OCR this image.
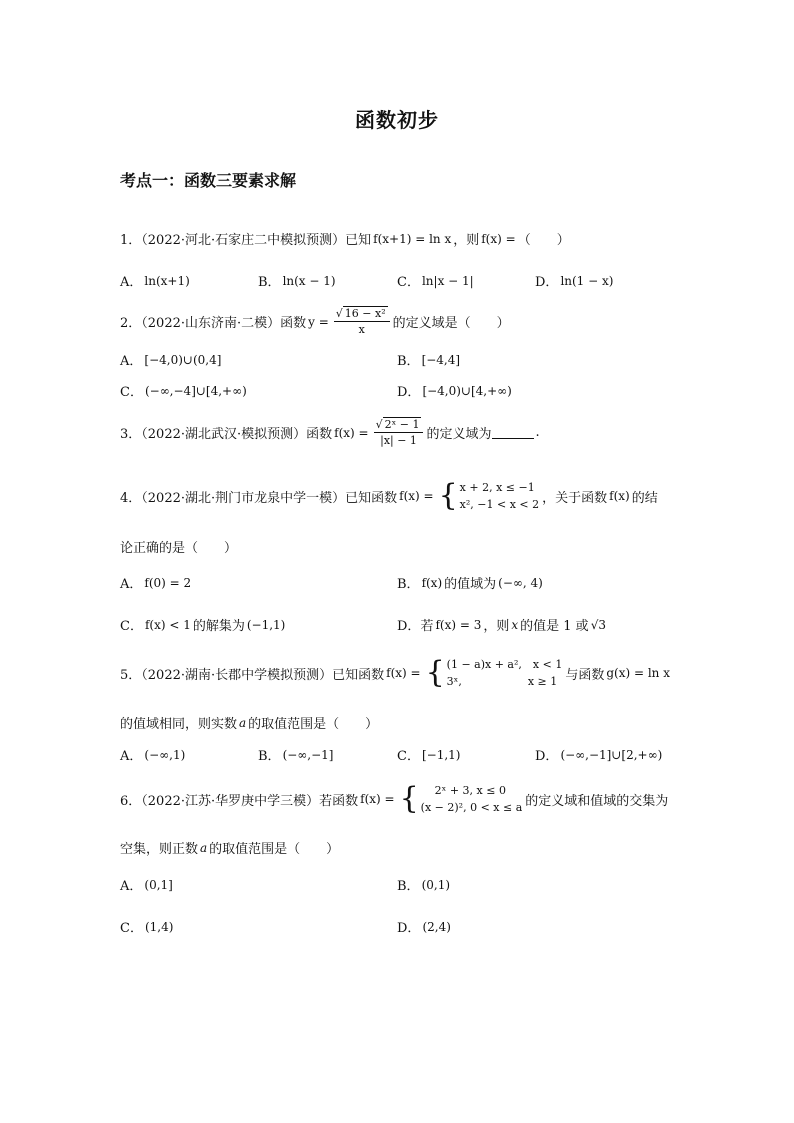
函数初步
考点一：函数三要素求解
1．（2022·河北·石家庄二中模拟预测）已知 f(x+1) = ln x ，则 f(x) = （　　）
A． ln(x+1)	B． ln(x − 1)	C． ln|x − 1|	D． ln(1 − x)
2．（2022·山东济南·二模）函数 $y = \frac{\text{√ 16 − x²}}{x}$ 的定义域是（　　）
A． [−4,0)∪(0,4]	B． [−4,4]
C． (−∞,−4]∪[4,+∞)	D． [−4,0)∪[4,+∞)
3．（2022·湖北武汉·模拟预测）函数 $f(x) = \frac{\text{√ 2ˣ − 1}}{|x| - 1}$ 的定义域为	.
4．（2022·湖北·荆门市龙泉中学一模）已知函数 f(x) = { x + 2, x ≤ −1
x², −1 < x < 2 ，关于函数 f(x) 的结
论正确的是（　　）
A． f(0) = 2	B． f(x) 的值域为 (−∞, 4)
C． f(x) < 1 的解集为 (−1,1)	D． 若 f(x) = 3 ，则 x 的值是 1 或 √3
5．（2022·湖南·长郡中学模拟预测）已知函数 f(x) = { (1 − a)x + a²,　x < 1
3ˣ,　　　　　　x ≥ 1 与函数 g(x) = ln x
的值域相同，则实数 a 的取值范围是（　　）
A． (−∞,1)	B． (−∞,−1]	C． [−1,1)	D． (−∞,−1]∪[2,+∞)
6．（2022·江苏·华罗庚中学三模）若函数 f(x) = {	2ˣ + 3, x ≤ 0
(x − 2)², 0 < x ≤ a 的定义域和值域的交集为
空集，则正数 a 的取值范围是（　　）
A． (0,1]	B． (0,1)
C． (1,4)	D． (2,4)
